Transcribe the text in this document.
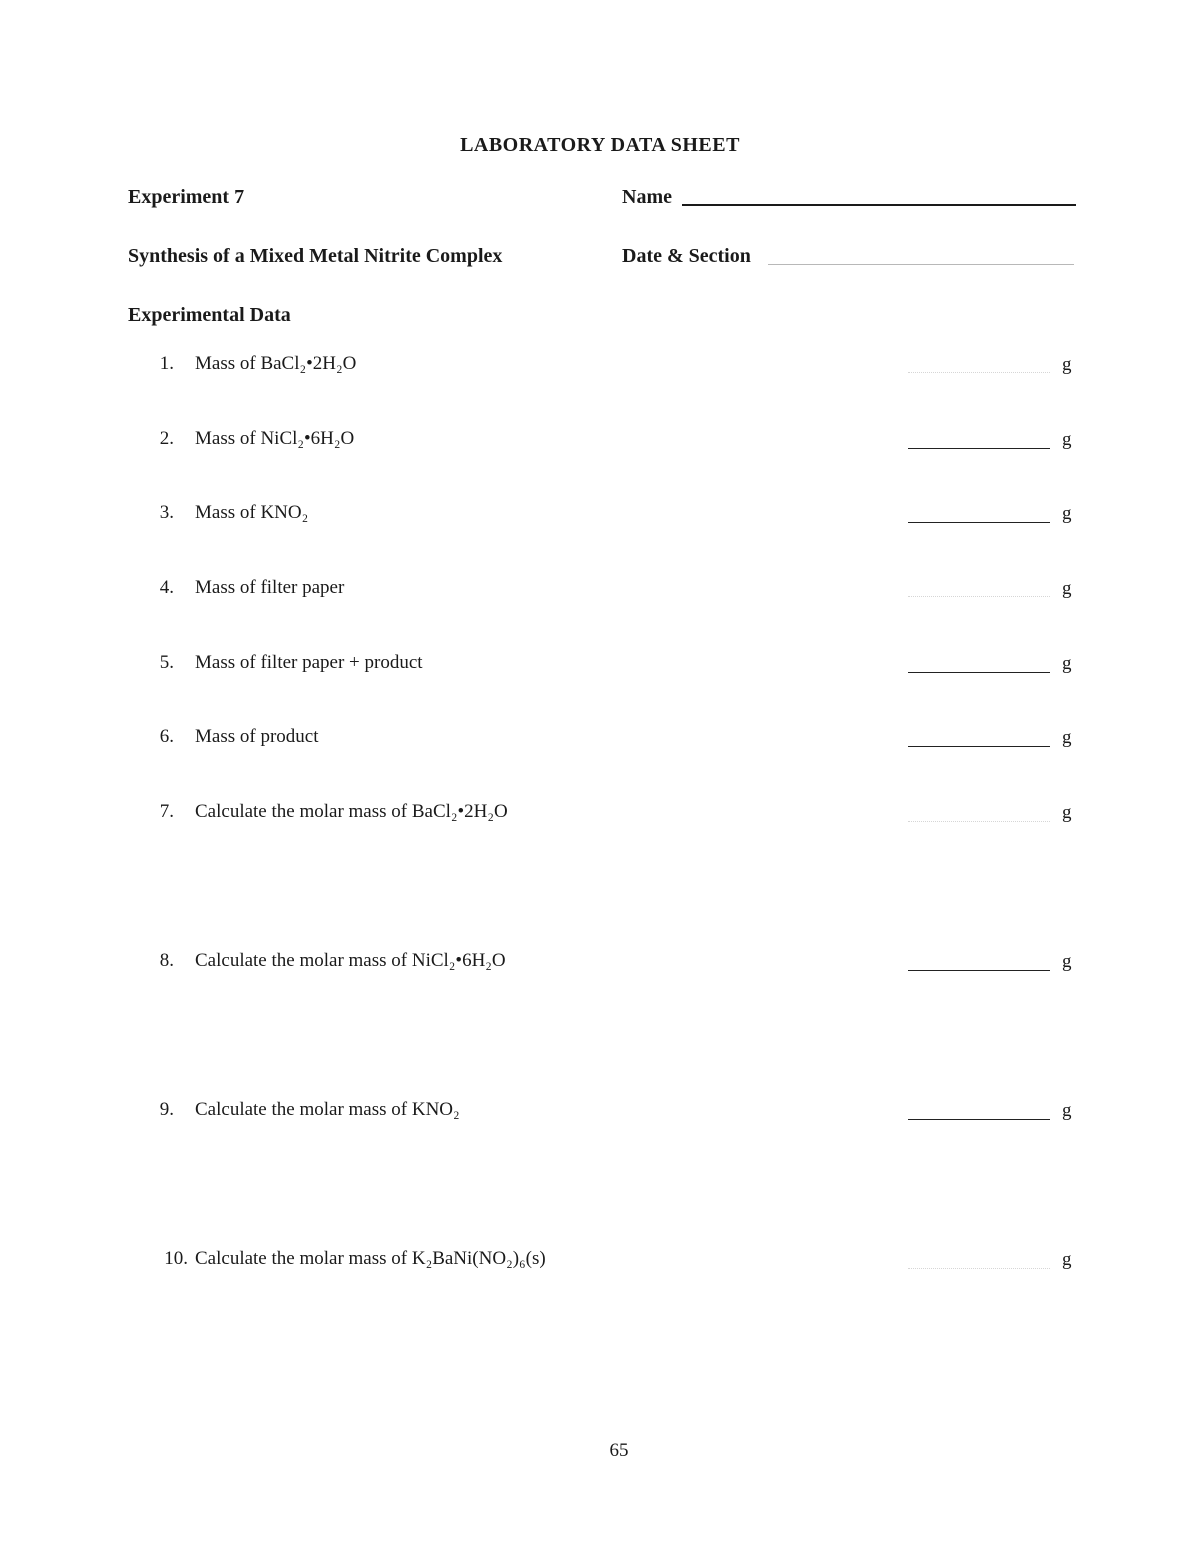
LABORATORY DATA SHEET
Experiment 7	Name
Synthesis of a Mixed Metal Nitrite Complex	Date & Section
Experimental Data
1. Mass of BaCl₂•2H₂O	g
2. Mass of NiCl₂•6H₂O	g
3. Mass of KNO₂	g
4. Mass of filter paper	g
5. Mass of filter paper + product	g
6. Mass of product	g
7. Calculate the molar mass of BaCl₂•2H₂O	g
8. Calculate the molar mass of NiCl₂•6H₂O	g
9. Calculate the molar mass of KNO₂	g
10. Calculate the molar mass of K₂BaNi(NO₂)₆(s)	g
65
